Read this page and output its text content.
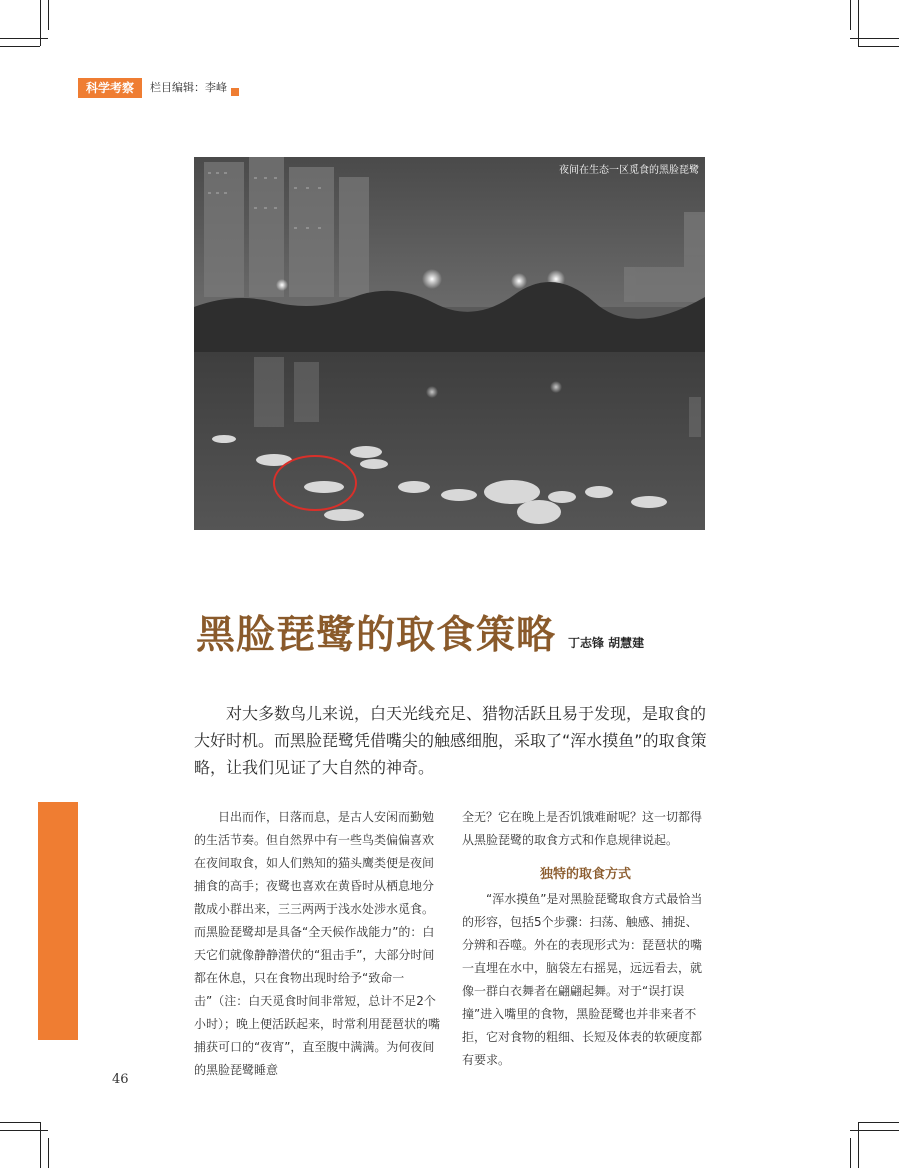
科学考察	栏目编辑：李峰
夜间在生态一区觅食的黑脸琵鹭
黑脸琵鹭的取食策略 丁志锋 胡慧建

对大多数鸟儿来说，白天光线充足、猎物活跃且易于发现，是取食的大好时机。而黑脸琵鹭凭借嘴尖的触感细胞，采取了“浑水摸鱼”的取食策略，让我们见证了大自然的神奇。

日出而作，日落而息，是古人安闲而勤勉的生活节奏。但自然界中有一些鸟类偏偏喜欢在夜间取食，如人们熟知的猫头鹰类便是夜间捕食的高手；夜鹭也喜欢在黄昏时从栖息地分散成小群出来，三三两两于浅水处涉水觅食。而黑脸琵鹭却是具备“全天候作战能力”的：白天它们就像静静潜伏的“狙击手”，大部分时间都在休息，只在食物出现时给予“致命一击”（注：白天觅食时间非常短，总计不足2个小时）；晚上便活跃起来，时常利用琵琶状的嘴捕获可口的“夜宵”，直至腹中满满。为何夜间的黑脸琵鹭睡意

全无？它在晚上是否饥饿难耐呢？这一切都得从黑脸琵鹭的取食方式和作息规律说起。

独特的取食方式

“浑水摸鱼”是对黑脸琵鹭取食方式最恰当的形容，包括5个步骤：扫荡、触感、捕捉、分辨和吞噬。外在的表现形式为：琵琶状的嘴一直埋在水中，脑袋左右摇晃，远远看去，就像一群白衣舞者在翩翩起舞。对于“误打误撞”进入嘴里的食物，黑脸琵鹭也并非来者不拒，它对食物的粗细、长短及体表的软硬度都有要求。

46
